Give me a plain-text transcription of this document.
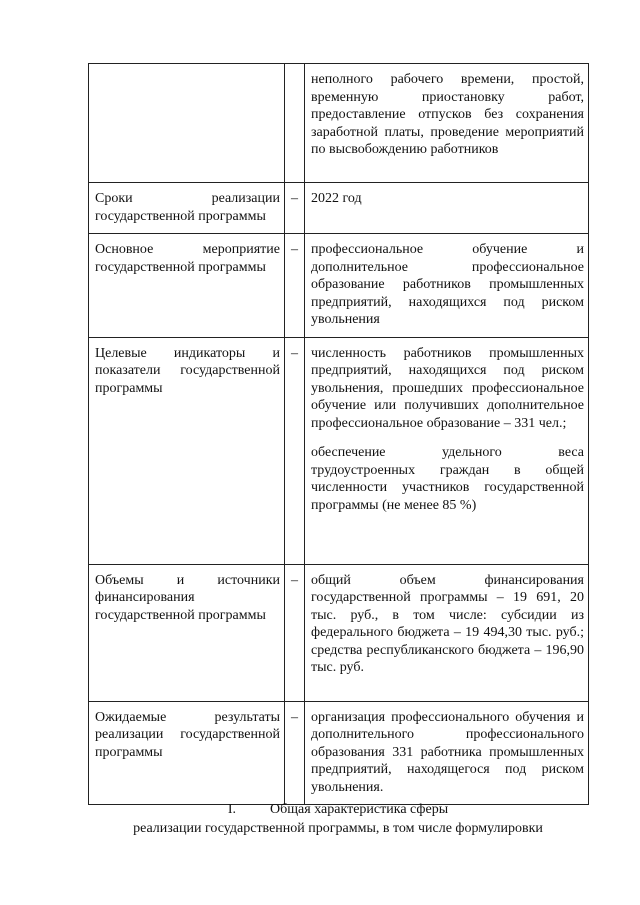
		неполного рабочего времени, простой, временную приостановку работ, предоставление отпусков без сохранения заработной платы, проведение мероприятий по высвобождению работников

Сроки реализации государственной программы	–	2022 год

Основное мероприятие государственной программы	–	профессиональное обучение и дополнительное профессиональное образование работников промышленных предприятий, находящихся под риском увольнения

Целевые индикаторы и показатели государственной программы	–	численность работников промышленных предприятий, находящихся под риском увольнения, прошедших профессиональное обучение или получивших дополнительное профессиональное образование – 331 чел.;
обеспечение удельного веса трудоустроенных граждан в общей численности участников государственной программы (не менее 85 %)

Объемы и источники финансирования государственной программы	–	общий объем финансирования государственной программы – 19 691, 20 тыс. руб., в том числе: субсидии из федерального бюджета – 19 494,30 тыс. руб.; средства республиканского бюджета – 196,90 тыс. руб.

Ожидаемые результаты реализации государственной программы	–	организация профессионального обучения и дополнительного профессионального образования 331 работника промышленных предприятий, находящегося под риском увольнения.
I. Общая характеристика сферы
реализации государственной программы, в том числе формулировки
